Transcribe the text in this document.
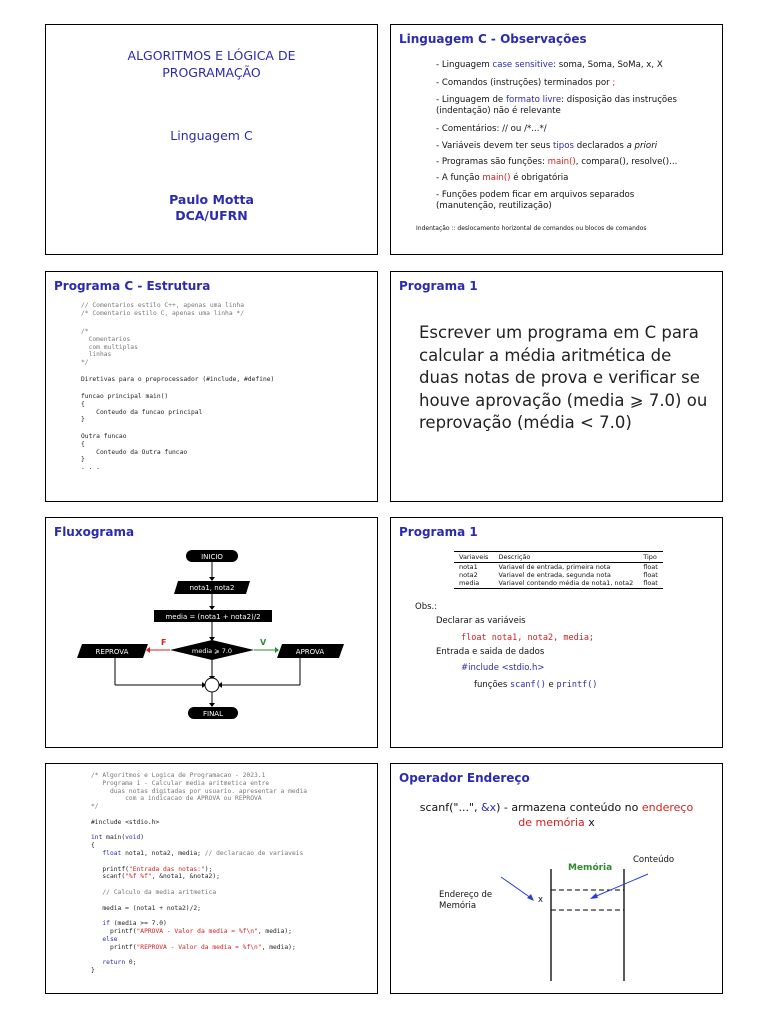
ALGORITMOS E LÓGICA DE
PROGRAMAÇÃO
Linguagem C
Paulo Motta
DCA/UFRN
Linguagem C - Observações
- Linguagem case sensitive: soma, Soma, SoMa, x, X
- Comandos (instruções) terminados por ;
- Linguagem de formato livre: disposição das instruções (indentação) não é relevante
- Comentários: // ou /*...*/
- Variáveis devem ter seus tipos declarados a priori
- Programas são funções: main(), compara(), resolve()...
- A função main() é obrigatória
- Funções podem ficar em arquivos separados (manutenção, reutilização)
Indentação :: deslocamento horizontal de comandos ou blocos de comandos
Programa C - Estrutura
// Comentarios estilo C++, apenas uma linha
/* Comentario estilo C, apenas uma linha */
/*
Comentarios
com multiplas
linhas
*/
Diretivas para o preprocessador (#include, #define)
funcao principal main()
{
Conteudo da funcao principal
}
Outra funcao
{
Conteudo da Outra funcao
}
. . .
Programa 1
Escrever um programa em C para calcular a média aritmética de duas notas de prova e verificar se houve aprovação (media ⩾ 7.0) ou reprovação (média < 7.0)
Fluxograma
INICIO
nota1, nota2
media = (nota1 + nota2)/2
media ⩾ 7.0
REPROVA	APROVA
FINAL
F	V
Programa 1
Variaveis	Descrição	Tipo
nota1	Variavel de entrada, primeira nota	float
nota2	Variavel de entrada, segunda nota	float
media	Variavel contendo média de nota1, nota2	float
Obs.:
Declarar as variáveis
float nota1, nota2, media;
Entrada e saida de dados
#include <stdio.h>
funções scanf() e printf()
/* Algoritmos e Logica de Programacao - 2023.1
Programa 1 - Calcular media aritmetica entre
duas notas digitadas por usuario. apresentar a media
com a indicacao de APROVA ou REPROVA
*/

#include <stdio.h>

int main(void)
{
float nota1, nota2, media; // declaracao de variaveis

printf("Entrada das notas:");
scanf("%f %f", &nota1, &nota2);

// Calculo da media aritmetica

media = (nota1 + nota2)/2;

if (media >= 7.0)
printf("APROVA - Valor da media = %f\n", media);
else
printf("REPROVA - Valor da media = %f\n", media);

return 0;
}
Operador Endereço
scanf("...", &x) - armazena conteúdo no endereço
de memória x
Memória
Conteúdo
Endereço de
Memória
x
